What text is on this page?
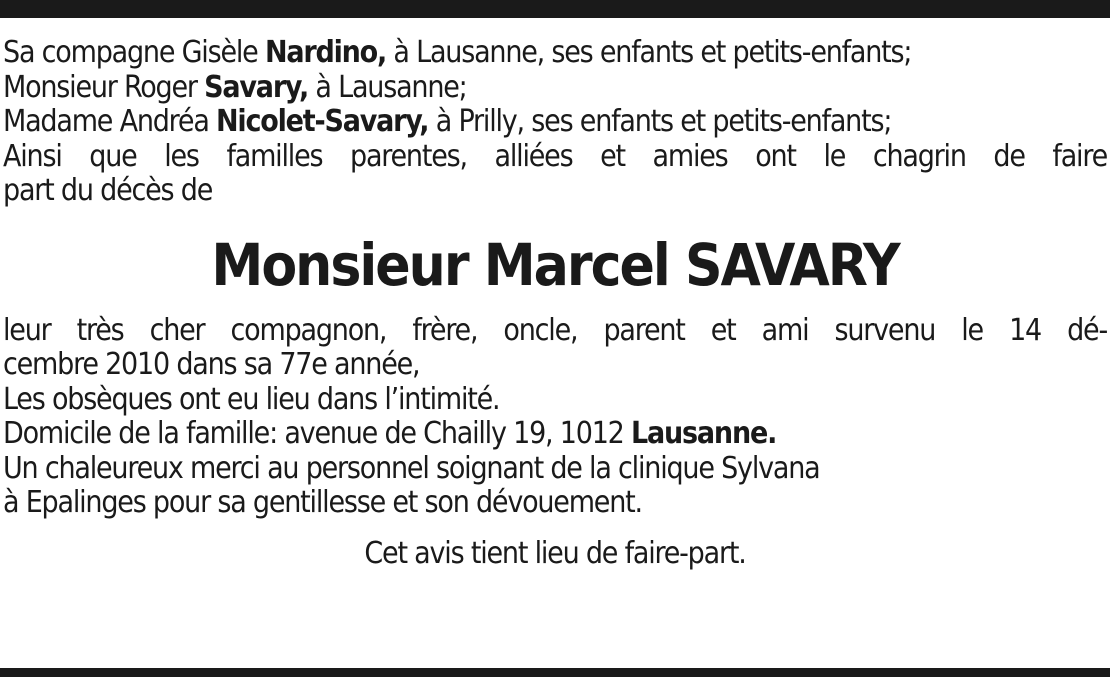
Sa compagne Gisèle Nardino, à Lausanne, ses enfants et petits-enfants;
Monsieur Roger Savary, à Lausanne;
Madame Andréa Nicolet-Savary, à Prilly, ses enfants et petits-enfants;
Ainsi que les familles parentes, alliées et amies ont le chagrin de faire
part du décès de
Monsieur Marcel SAVARY
leur très cher compagnon, frère, oncle, parent et ami survenu le 14 dé-
cembre 2010 dans sa 77e année,
Les obsèques ont eu lieu dans l’intimité.
Domicile de la famille: avenue de Chailly 19, 1012 Lausanne.
Un chaleureux merci au personnel soignant de la clinique Sylvana
à Epalinges pour sa gentillesse et son dévouement.
Cet avis tient lieu de faire-part.
